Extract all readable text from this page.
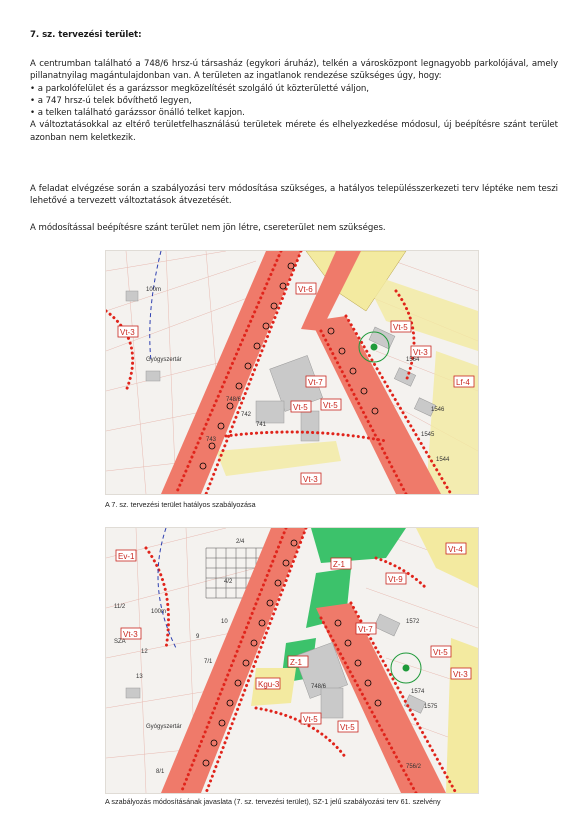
7. sz. tervezési terület:
A centrumban található a 748/6 hrsz-ú társasház (egykori áruház), telkén a városközpont legnagyobb parkolójával, amely pillanatnyilag magántulajdonban van. A területen az ingatlanok rendezése szükséges úgy, hogy:
• a parkolófelület és a garázssor megközelítését szolgáló út közterületté váljon,
• a 747 hrsz-ú telek bővíthető legyen,
• a telken található garázssor önálló telket kapjon.
A változtatásokkal az eltérő területfelhasználású területek mérete és elhelyezkedése módosul, új beépítésre szánt terület azonban nem keletkezik.
A feladat elvégzése során a szabályozási terv módosítása szükséges, a hatályos településszerkezeti terv léptéke nem teszi lehetővé a tervezett változtatások átvezetését.
A módosítással beépítésre szánt terület nem jön létre, csereterület nem szükséges.
Vt-3
Vt-6
Vt-5
Vt-3
Vt-7
Vt-5 Vt-5
Vt-3
Lf-4
748/6
743
742
741
1564
1546
1545
1544
Gyógyszertár
100m
A 7. sz. tervezési terület hatályos szabályozása
Ev-1
Z-1
Vt-9
Vt-4
Vt-7
Vt-5
Z-1
Kgu-3
Vt-5
Vt-5
Vt-3
Vt-3
748/6
1572
1574
1575
756/2
2/4
4/2
10
11/2
12
13
9
7/1
8/1
Gyógyszertár
100m
SZA
A szabályozás módosításának javaslata (7. sz. tervezési terület), SZ-1 jelű szabályozási terv 61. szelvény
